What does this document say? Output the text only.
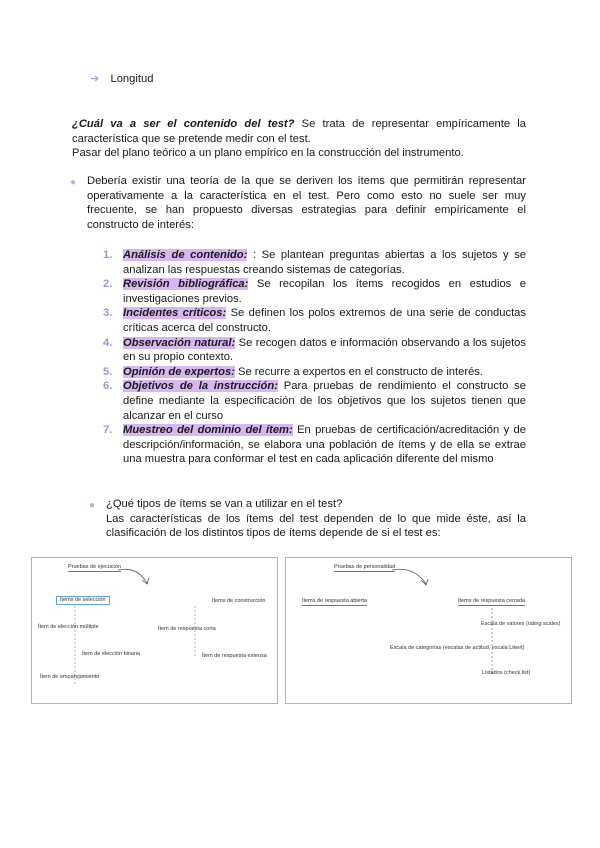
➔ Longitud
¿Cuál va a ser el contenido del test? Se trata de representar empíricamente la característica que se pretende medir con el test.
Pasar del plano teórico a un plano empírico en la construcción del instrumento.
● Debería existir una teoría de la que se deriven los ítems que permitirán representar operativamente a la característica en el test. Pero como esto no suele ser muy frecuente, se han propuesto diversas estrategias para definir empíricamente el constructo de interés:
1. Análisis de contenido: : Se plantean preguntas abiertas a los sujetos y se analizan las respuestas creando sistemas de categorías.
2. Revisión bibliográfica: Se recopilan los ítems recogidos en estudios e investigaciones previos.
3. Incidentes críticos: Se definen los polos extremos de una serie de conductas críticas acerca del constructo.
4. Observación natural: Se recogen datos e información observando a los sujetos en su propio contexto.
5. Opinión de expertos: Se recurre a expertos en el constructo de interés.
6. Objetivos de la instrucción: Para pruebas de rendimiento el constructo se define mediante la especificación de los objetivos que los sujetos tienen que alcanzar en el curso
7. Muestreo del dominio del ítem: En pruebas de certificación/acreditación y de descripción/información, se elabora una población de ítems y de ella se extrae una muestra para conformar el test en cada aplicación diferente del mismo
● ¿Qué tipos de ítems se van a utilizar en el test?
Las características de los ítems del test dependen de lo que mide éste, así la clasificación de los distintos tipos de ítems depende de si el test es:
Pruebas de ejecución
Ítems de selección	Ítems de construcción
Ítem de elección múltiple	Ítem de respuesta corta
Ítem de elección binaria	Ítem de respuesta extensa
Ítem de emparejamiento
Pruebas de personalidad
Ítems de respuesta abierta	Ítems de respuesta cerrada
Escala de valores (rating scales)
Escala de categorías (escalas de actitud, escala Likert)
Listados (check list)
